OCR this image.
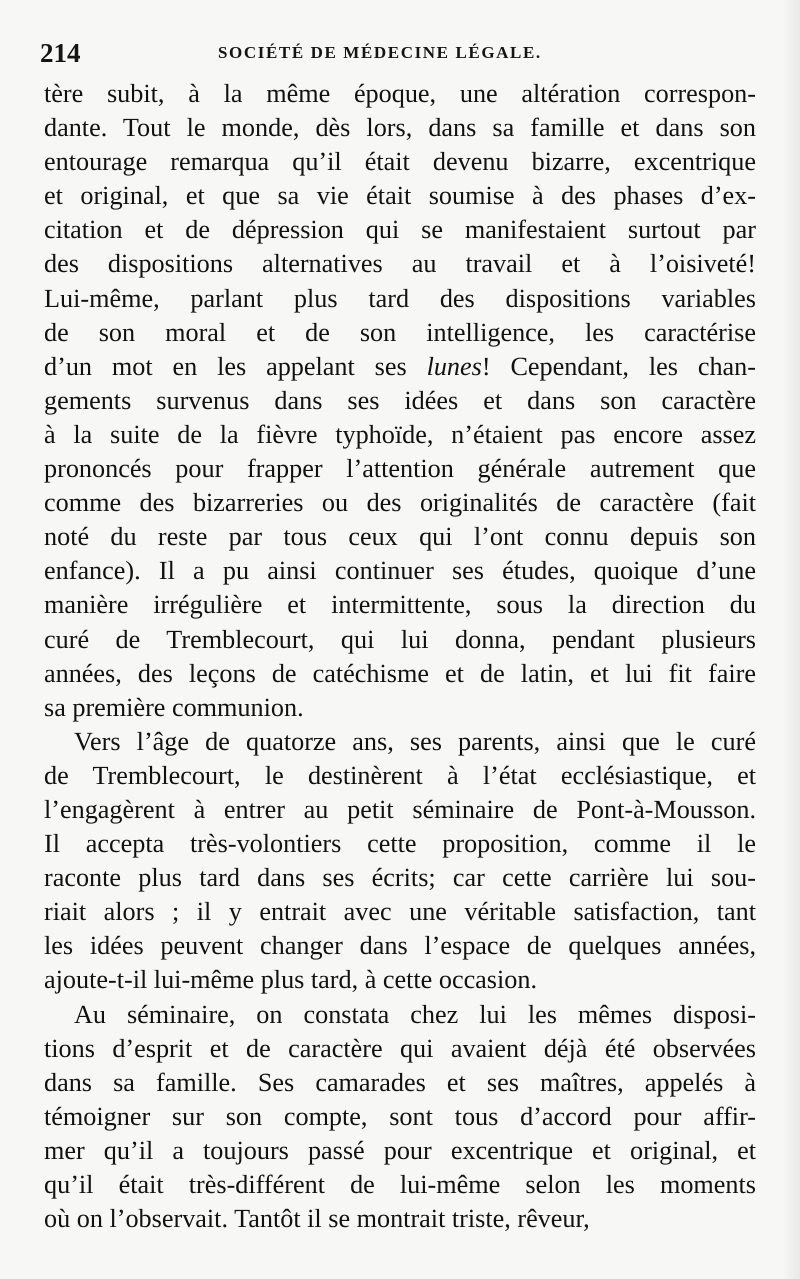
214	SOCIÉTÉ DE MÉDECINE LÉGALE.
tère subit, à la même époque, une altération correspon-
dante. Tout le monde, dès lors, dans sa famille et dans son
entourage remarqua qu’il était devenu bizarre, excentrique
et original, et que sa vie était soumise à des phases d’ex-
citation et de dépression qui se manifestaient surtout par
des dispositions alternatives au travail et à l’oisiveté!
Lui-même, parlant plus tard des dispositions variables
de son moral et de son intelligence, les caractérise
d’un mot en les appelant ses lunes! Cependant, les chan-
gements survenus dans ses idées et dans son caractère
à la suite de la fièvre typhoïde, n’étaient pas encore assez
prononcés pour frapper l’attention générale autrement que
comme des bizarreries ou des originalités de caractère (fait
noté du reste par tous ceux qui l’ont connu depuis son
enfance). Il a pu ainsi continuer ses études, quoique d’une
manière irrégulière et intermittente, sous la direction du
curé de Tremblecourt, qui lui donna, pendant plusieurs
années, des leçons de catéchisme et de latin, et lui fit faire
sa première communion.
Vers l’âge de quatorze ans, ses parents, ainsi que le curé
de Tremblecourt, le destinèrent à l’état ecclésiastique, et
l’engagèrent à entrer au petit séminaire de Pont-à-Mousson.
Il accepta très-volontiers cette proposition, comme il le
raconte plus tard dans ses écrits; car cette carrière lui sou-
riait alors ; il y entrait avec une véritable satisfaction, tant
les idées peuvent changer dans l’espace de quelques années,
ajoute-t-il lui-même plus tard, à cette occasion.
Au séminaire, on constata chez lui les mêmes disposi-
tions d’esprit et de caractère qui avaient déjà été observées
dans sa famille. Ses camarades et ses maîtres, appelés à
témoigner sur son compte, sont tous d’accord pour affir-
mer qu’il a toujours passé pour excentrique et original, et
qu’il était très-différent de lui-même selon les moments
où on l’observait. Tantôt il se montrait triste, rêveur,
